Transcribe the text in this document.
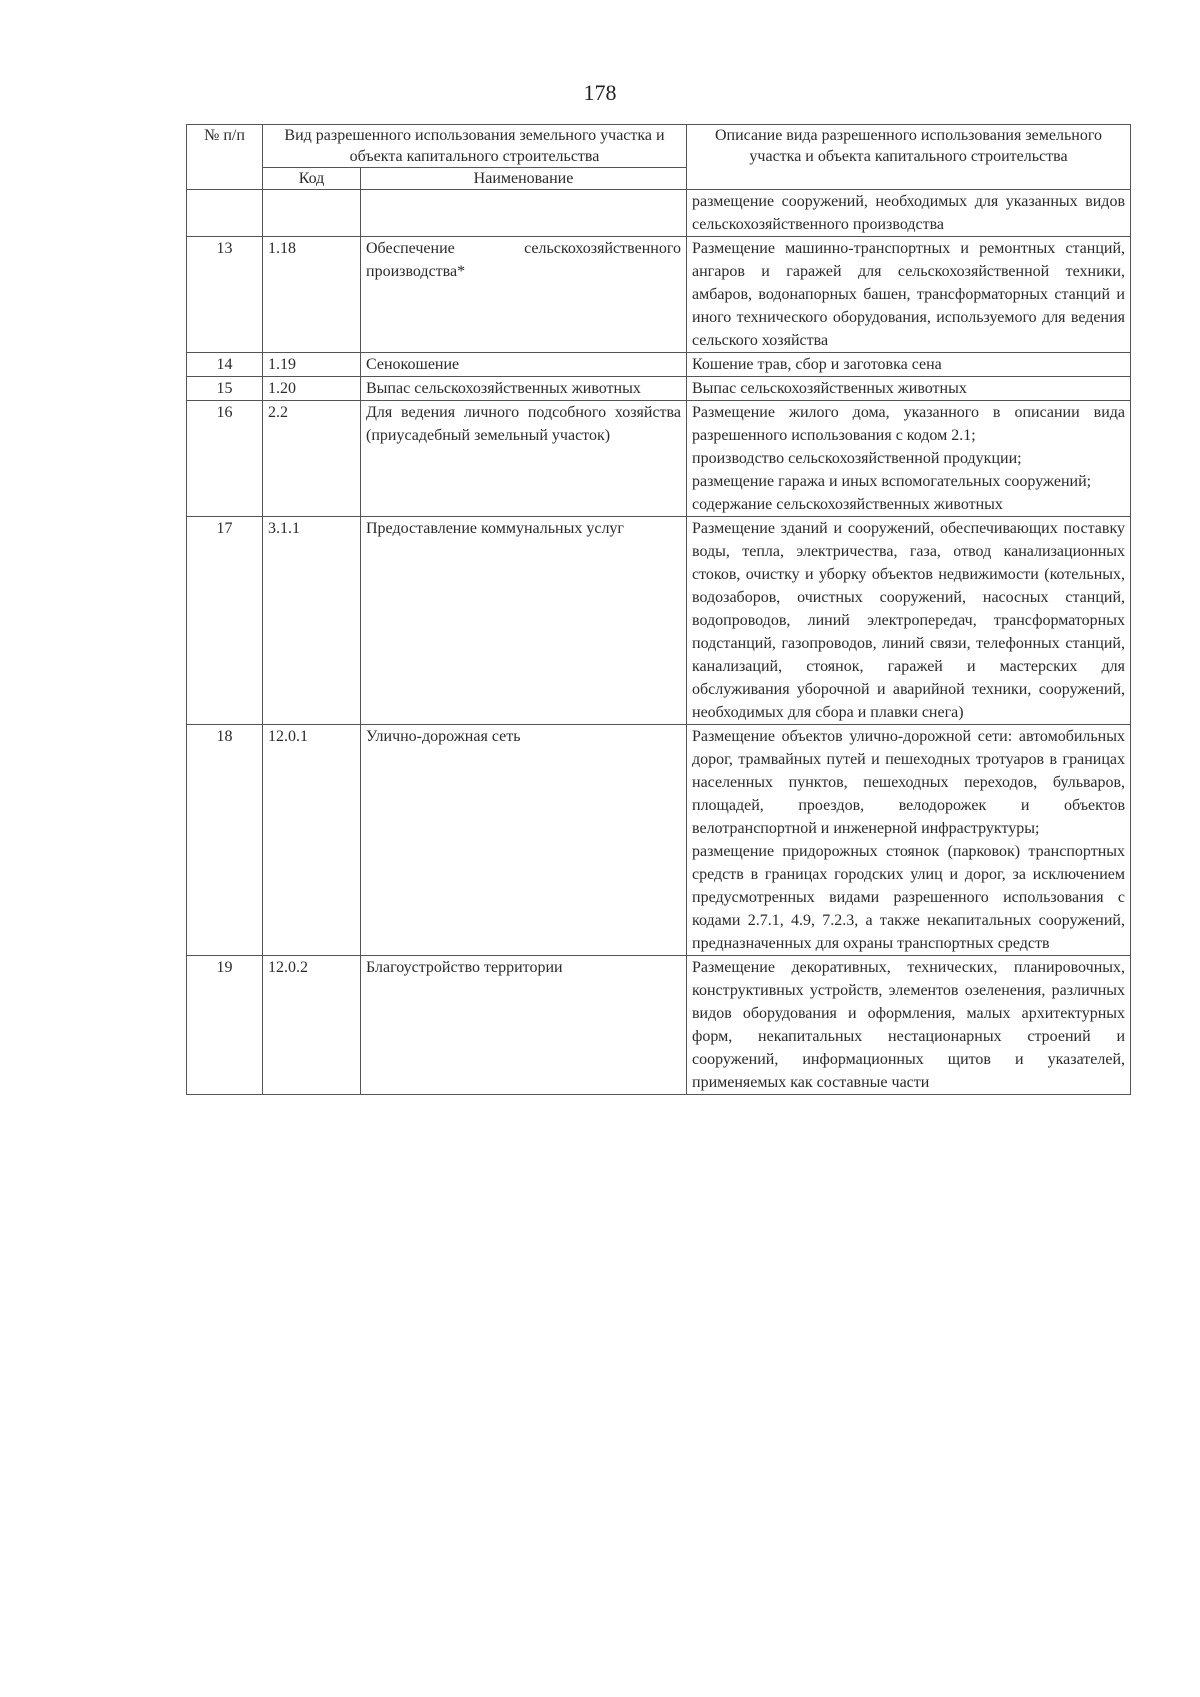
178
№ п/п	Вид разрешенного использования земельного участка и объекта капитального строительства		Описание вида разрешенного использования земельного участка и объекта капитального строительства
	Код	Наименование	

			размещение сооружений, необходимых для указанных видов сельскохозяйственного производства

13	1.18	Обеспечение сельскохозяйственного производства*	Размещение машинно-транспортных и ремонтных станций, ангаров и гаражей для сельскохозяйственной техники, амбаров, водонапорных башен, трансформаторных станций и иного технического оборудования, используемого для ведения сельского хозяйства

14	1.19	Сенокошение	Кошение трав, сбор и заготовка сена

15	1.20	Выпас сельскохозяйственных животных	Выпас сельскохозяйственных животных

16	2.2	Для ведения личного подсобного хозяйства (приусадебный земельный участок)	Размещение жилого дома, указанного в описании вида разрешенного использования с кодом 2.1;
производство сельскохозяйственной продукции;
размещение гаража и иных вспомогательных сооружений;
содержание сельскохозяйственных животных

17	3.1.1	Предоставление коммунальных услуг	Размещение зданий и сооружений, обеспечивающих поставку воды, тепла, электричества, газа, отвод канализационных стоков, очистку и уборку объектов недвижимости (котельных, водозаборов, очистных сооружений, насосных станций, водопроводов, линий электропередач, трансформаторных подстанций, газопроводов, линий связи, телефонных станций, канализаций, стоянок, гаражей и мастерских для обслуживания уборочной и аварийной техники, сооружений, необходимых для сбора и плавки снега)

18	12.0.1	Улично-дорожная сеть	Размещение объектов улично-дорожной сети: автомобильных дорог, трамвайных путей и пешеходных тротуаров в границах населенных пунктов, пешеходных переходов, бульваров, площадей, проездов, велодорожек и объектов велотранспортной и инженерной инфраструктуры;
размещение придорожных стоянок (парковок) транспортных средств в границах городских улиц и дорог, за исключением предусмотренных видами разрешенного использования с кодами 2.7.1, 4.9, 7.2.3, а также некапитальных сооружений, предназначенных для охраны транспортных средств

19	12.0.2	Благоустройство территории	Размещение декоративных, технических, планировочных, конструктивных устройств, элементов озеленения, различных видов оборудования и оформления, малых архитектурных форм, некапитальных нестационарных строений и сооружений, информационных щитов и указателей, применяемых как составные части
